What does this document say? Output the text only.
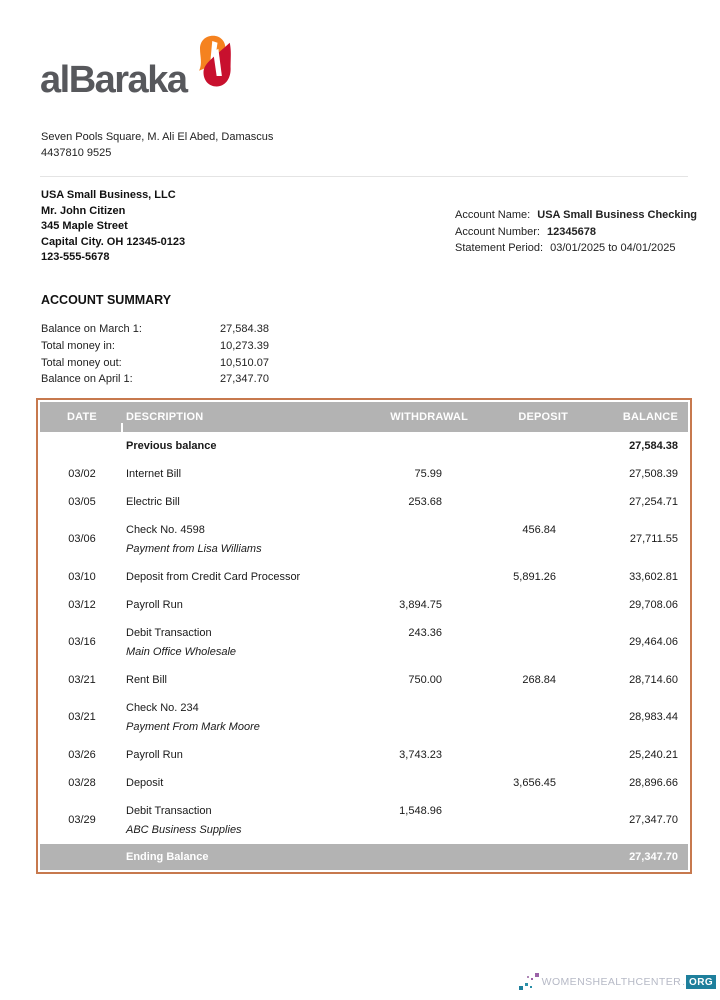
alBaraka
Seven Pools Square, M. Ali El Abed, Damascus
4437810 9525
USA Small Business, LLC
Mr. John Citizen
345 Maple Street
Capital City. OH 12345-0123
123-555-5678
Account Name: USA Small Business Checking
Account Number: 12345678
Statement Period: 03/01/2025 to 04/01/2025
ACCOUNT SUMMARY
Balance on March 1:	27,584.38
Total money in:	10,273.39
Total money out:	10,510.07
Balance on April 1:	27,347.70
DATE	DESCRIPTION	WITHDRAWAL	DEPOSIT	BALANCE
	Previous balance			27,584.38
03/02	Internet Bill	75.99		27,508.39
03/05	Electric Bill	253.68		27,254.71
03/06	Check No. 4598
Payment from Lisa Williams		456.84	27,711.55
03/10	Deposit from Credit Card Processor		5,891.26	33,602.81
03/12	Payroll Run	3,894.75		29,708.06
03/16	Debit Transaction
Main Office Wholesale	243.36		29,464.06
03/21	Rent Bill	750.00	268.84	28,714.60
03/21	Check No. 234
Payment From Mark Moore			28,983.44
03/26	Payroll Run	3,743.23		25,240.21
03/28	Deposit		3,656.45	28,896.66
03/29	Debit Transaction
ABC Business Supplies	1,548.96		27,347.70
	Ending Balance			27,347.70
WOMENSHEALTHCENTER . ORG
